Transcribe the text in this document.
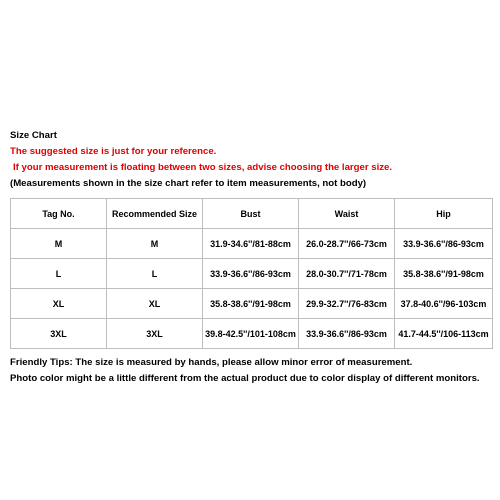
Size Chart
The suggested size is just for your reference.
If your measurement is floating between two sizes, advise choosing the larger size.
(Measurements shown in the size chart refer to item measurements, not body)
Tag No.	Recommended Size	Bust	Waist	Hip
M	M	31.9-34.6''/81-88cm	26.0-28.7''/66-73cm	33.9-36.6''/86-93cm
L	L	33.9-36.6''/86-93cm	28.0-30.7''/71-78cm	35.8-38.6''/91-98cm
XL	XL	35.8-38.6''/91-98cm	29.9-32.7''/76-83cm	37.8-40.6''/96-103cm
3XL	3XL	39.8-42.5''/101-108cm	33.9-36.6''/86-93cm	41.7-44.5''/106-113cm
Friendly Tips: The size is measured by hands, please allow minor error of measurement.
Photo color might be a little different from the actual product due to color display of different monitors.
